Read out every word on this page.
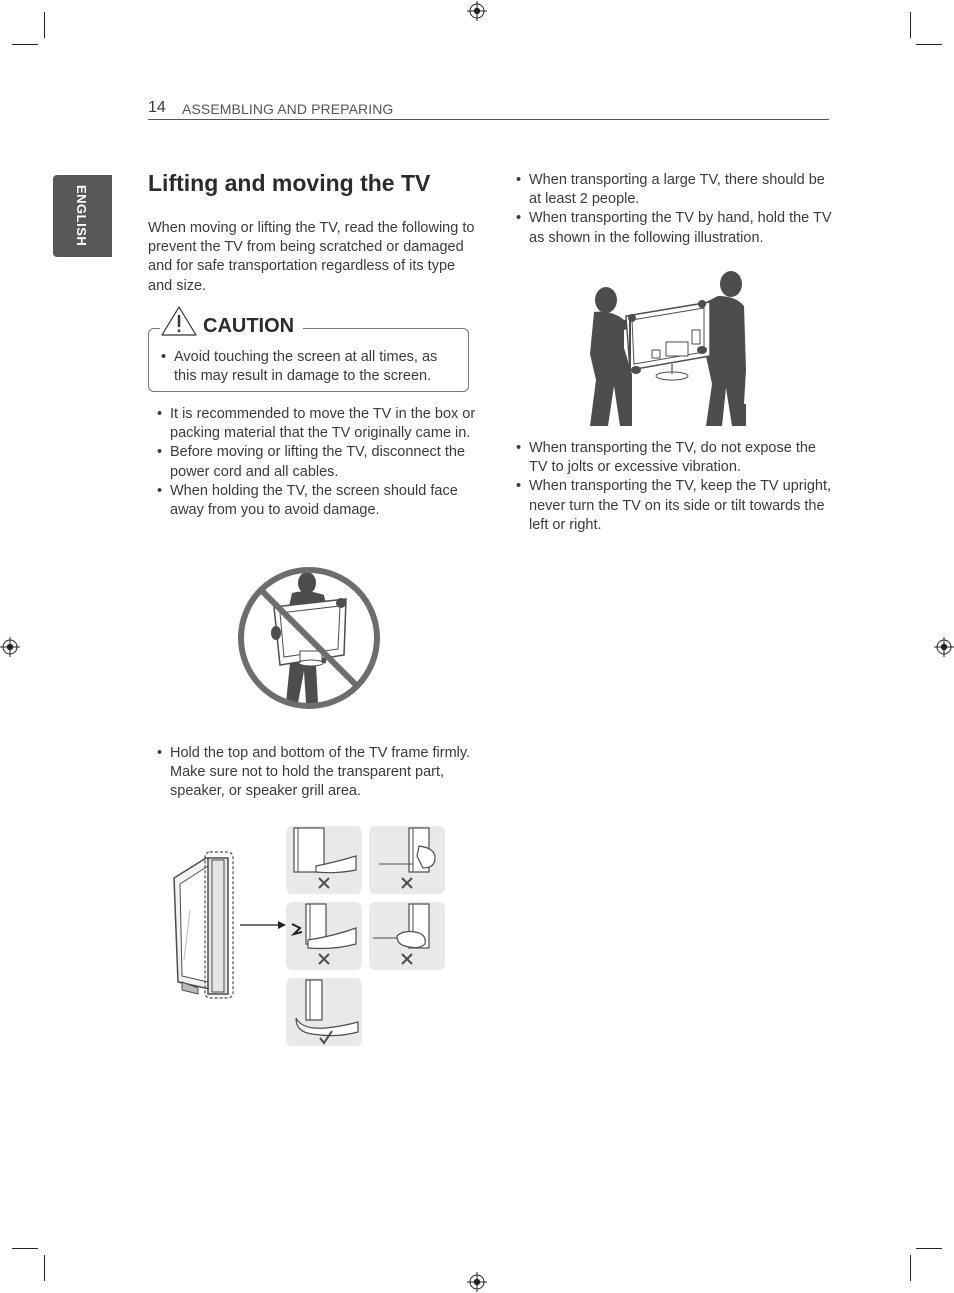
14 ASSEMBLING AND PREPARING
ENGLISH
Lifting and moving the TV
When moving or lifting the TV, read the following to prevent the TV from being scratched or damaged and for safe transportation regardless of its type and size.
CAUTION
• Avoid touching the screen at all times, as this may result in damage to the screen.
• It is recommended to move the TV in the box or packing material that the TV originally came in.
• Before moving or lifting the TV, disconnect the power cord and all cables.
• When holding the TV, the screen should face away from you to avoid damage.
• Hold the top and bottom of the TV frame firmly. Make sure not to hold the transparent part, speaker, or speaker grill area.
• When transporting a large TV, there should be at least 2 people.
• When transporting the TV by hand, hold the TV as shown in the following illustration.
• When transporting the TV, do not expose the TV to jolts or excessive vibration.
• When transporting the TV, keep the TV upright, never turn the TV on its side or tilt towards the left or right.
